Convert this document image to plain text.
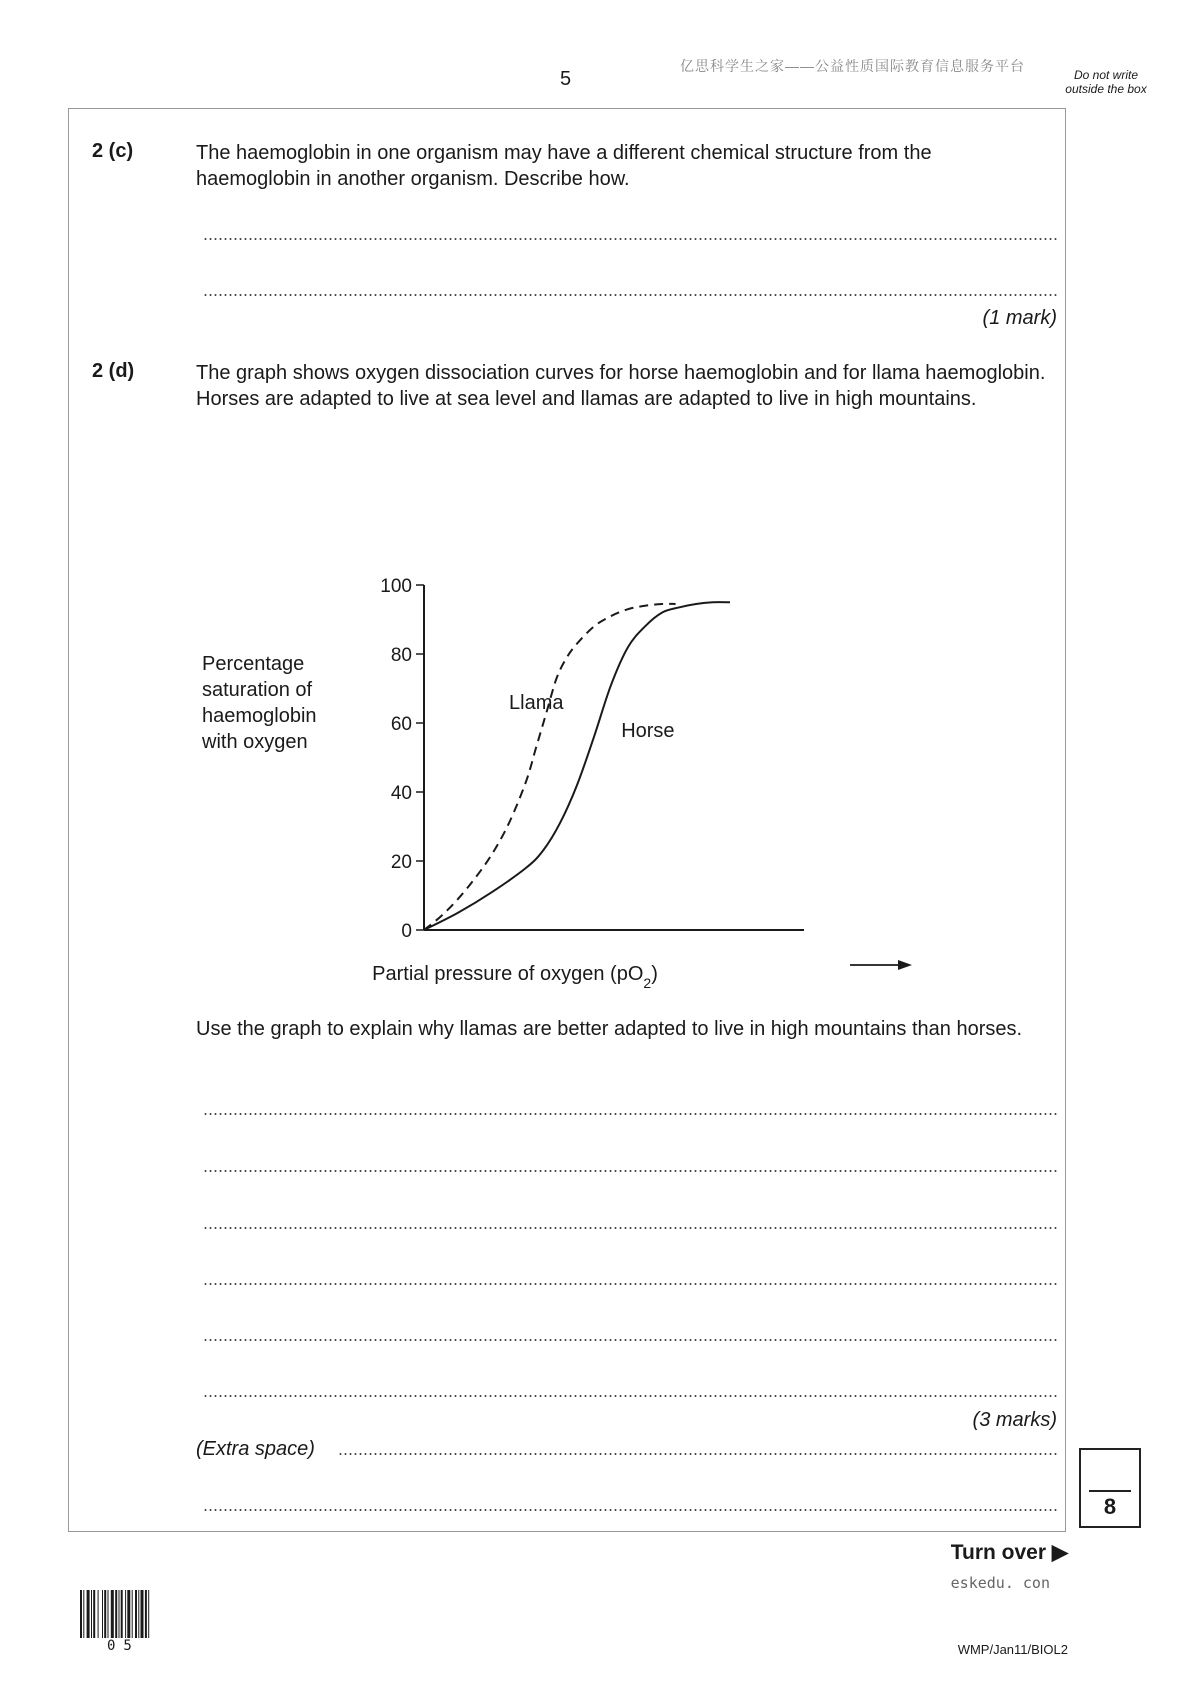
5
亿思科学生之家——公益性质国际教育信息服务平台
Do not write outside the box
2 (c)	The haemoglobin in one organism may have a different chemical structure from the haemoglobin in another organism. Describe how.
(1 mark)
2 (d)	The graph shows oxygen dissociation curves for horse haemoglobin and for llama haemoglobin. Horses are adapted to live at sea level and llamas are adapted to live in high mountains.
Percentage
saturation of
haemoglobin
with oxygen
0
20
40
60
80
100
Llama
Horse
Partial pressure of oxygen $(pO_2)$
Use the graph to explain why llamas are better adapted to live in high mountains than horses.
(3 marks)
(Extra space)
8
Turn over ▶
eskedu. con
05	WMP/Jan11/BIOL2
